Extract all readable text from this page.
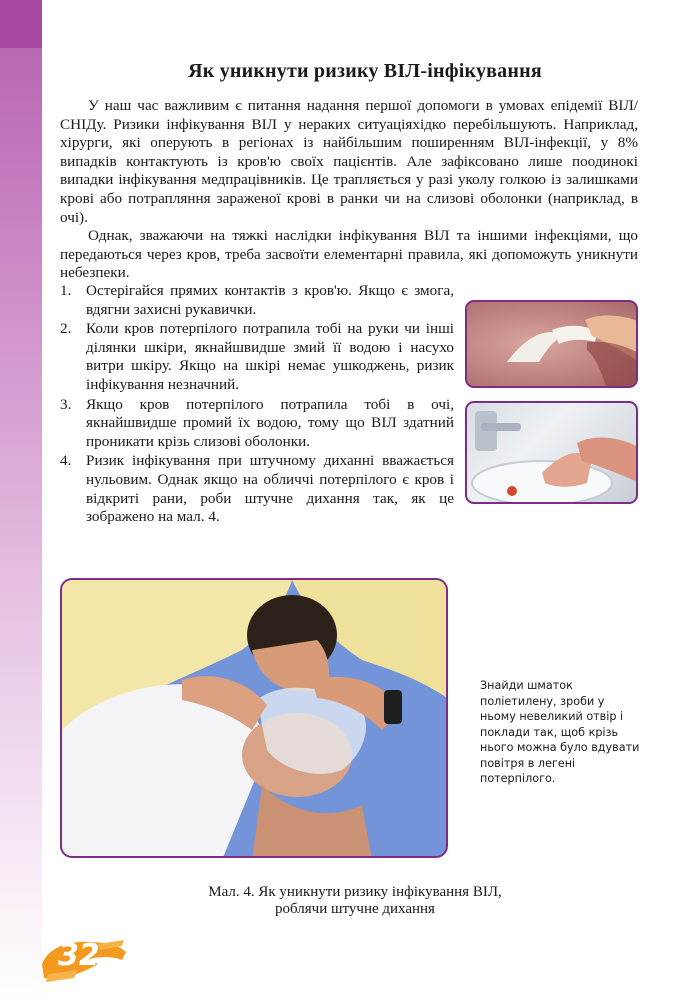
Як уникнути ризику ВІЛ-інфікування

У наш час важливим є питання надання першої допомоги в умовах епідемії ВІЛ/СНІДу. Ризики інфікування ВІЛ у нераких ситуаціяхідко перебільшують. Наприклад, хірурги, які оперують в регіонах із найбільшим поширенням ВІЛ-інфекції, у 8% випадків контактують із кров'ю своїх пацієнтів. Але зафіксовано лише поодинокі випадки інфікування медпрацівників. Це трапляється у разі уколу голкою із залишками крові або потрапляння зараженої крові в ранки чи на слизові оболонки (наприклад, в очі).

Однак, зважаючи на тяжкі наслідки інфікування ВІЛ та іншими інфекціями, що передаються через кров, треба засвоїти елементарні правила, які допоможуть уникнути небезпеки.

1. Остерігайся прямих контактів з кров'ю. Якщо є змога, вдягни захисні рукавички.
2. Коли кров потерпілого потрапила тобі на руки чи інші ділянки шкіри, якнайшвидше змий її водою і насухо витри шкіру. Якщо на шкірі немає ушкоджень, ризик інфікування незначний.
3. Якщо кров потерпілого потрапила тобі в очі, якнайшвидше промий їх водою, тому що ВІЛ здатний проникати крізь слизові оболонки.
4. Ризик інфікування при штучному диханні вважається нульовим. Однак якщо на обличчі потерпілого є кров і відкриті рани, роби штучне дихання так, як це зображено на мал. 4.

Знайди шматок поліетилену, зроби у ньому невеликий отвір і поклади так, щоб крізь нього можна було вдувати повітря в легені потерпілого.

Мал. 4. Як уникнути ризику інфікування ВІЛ,
роблячи штучне дихання
32
